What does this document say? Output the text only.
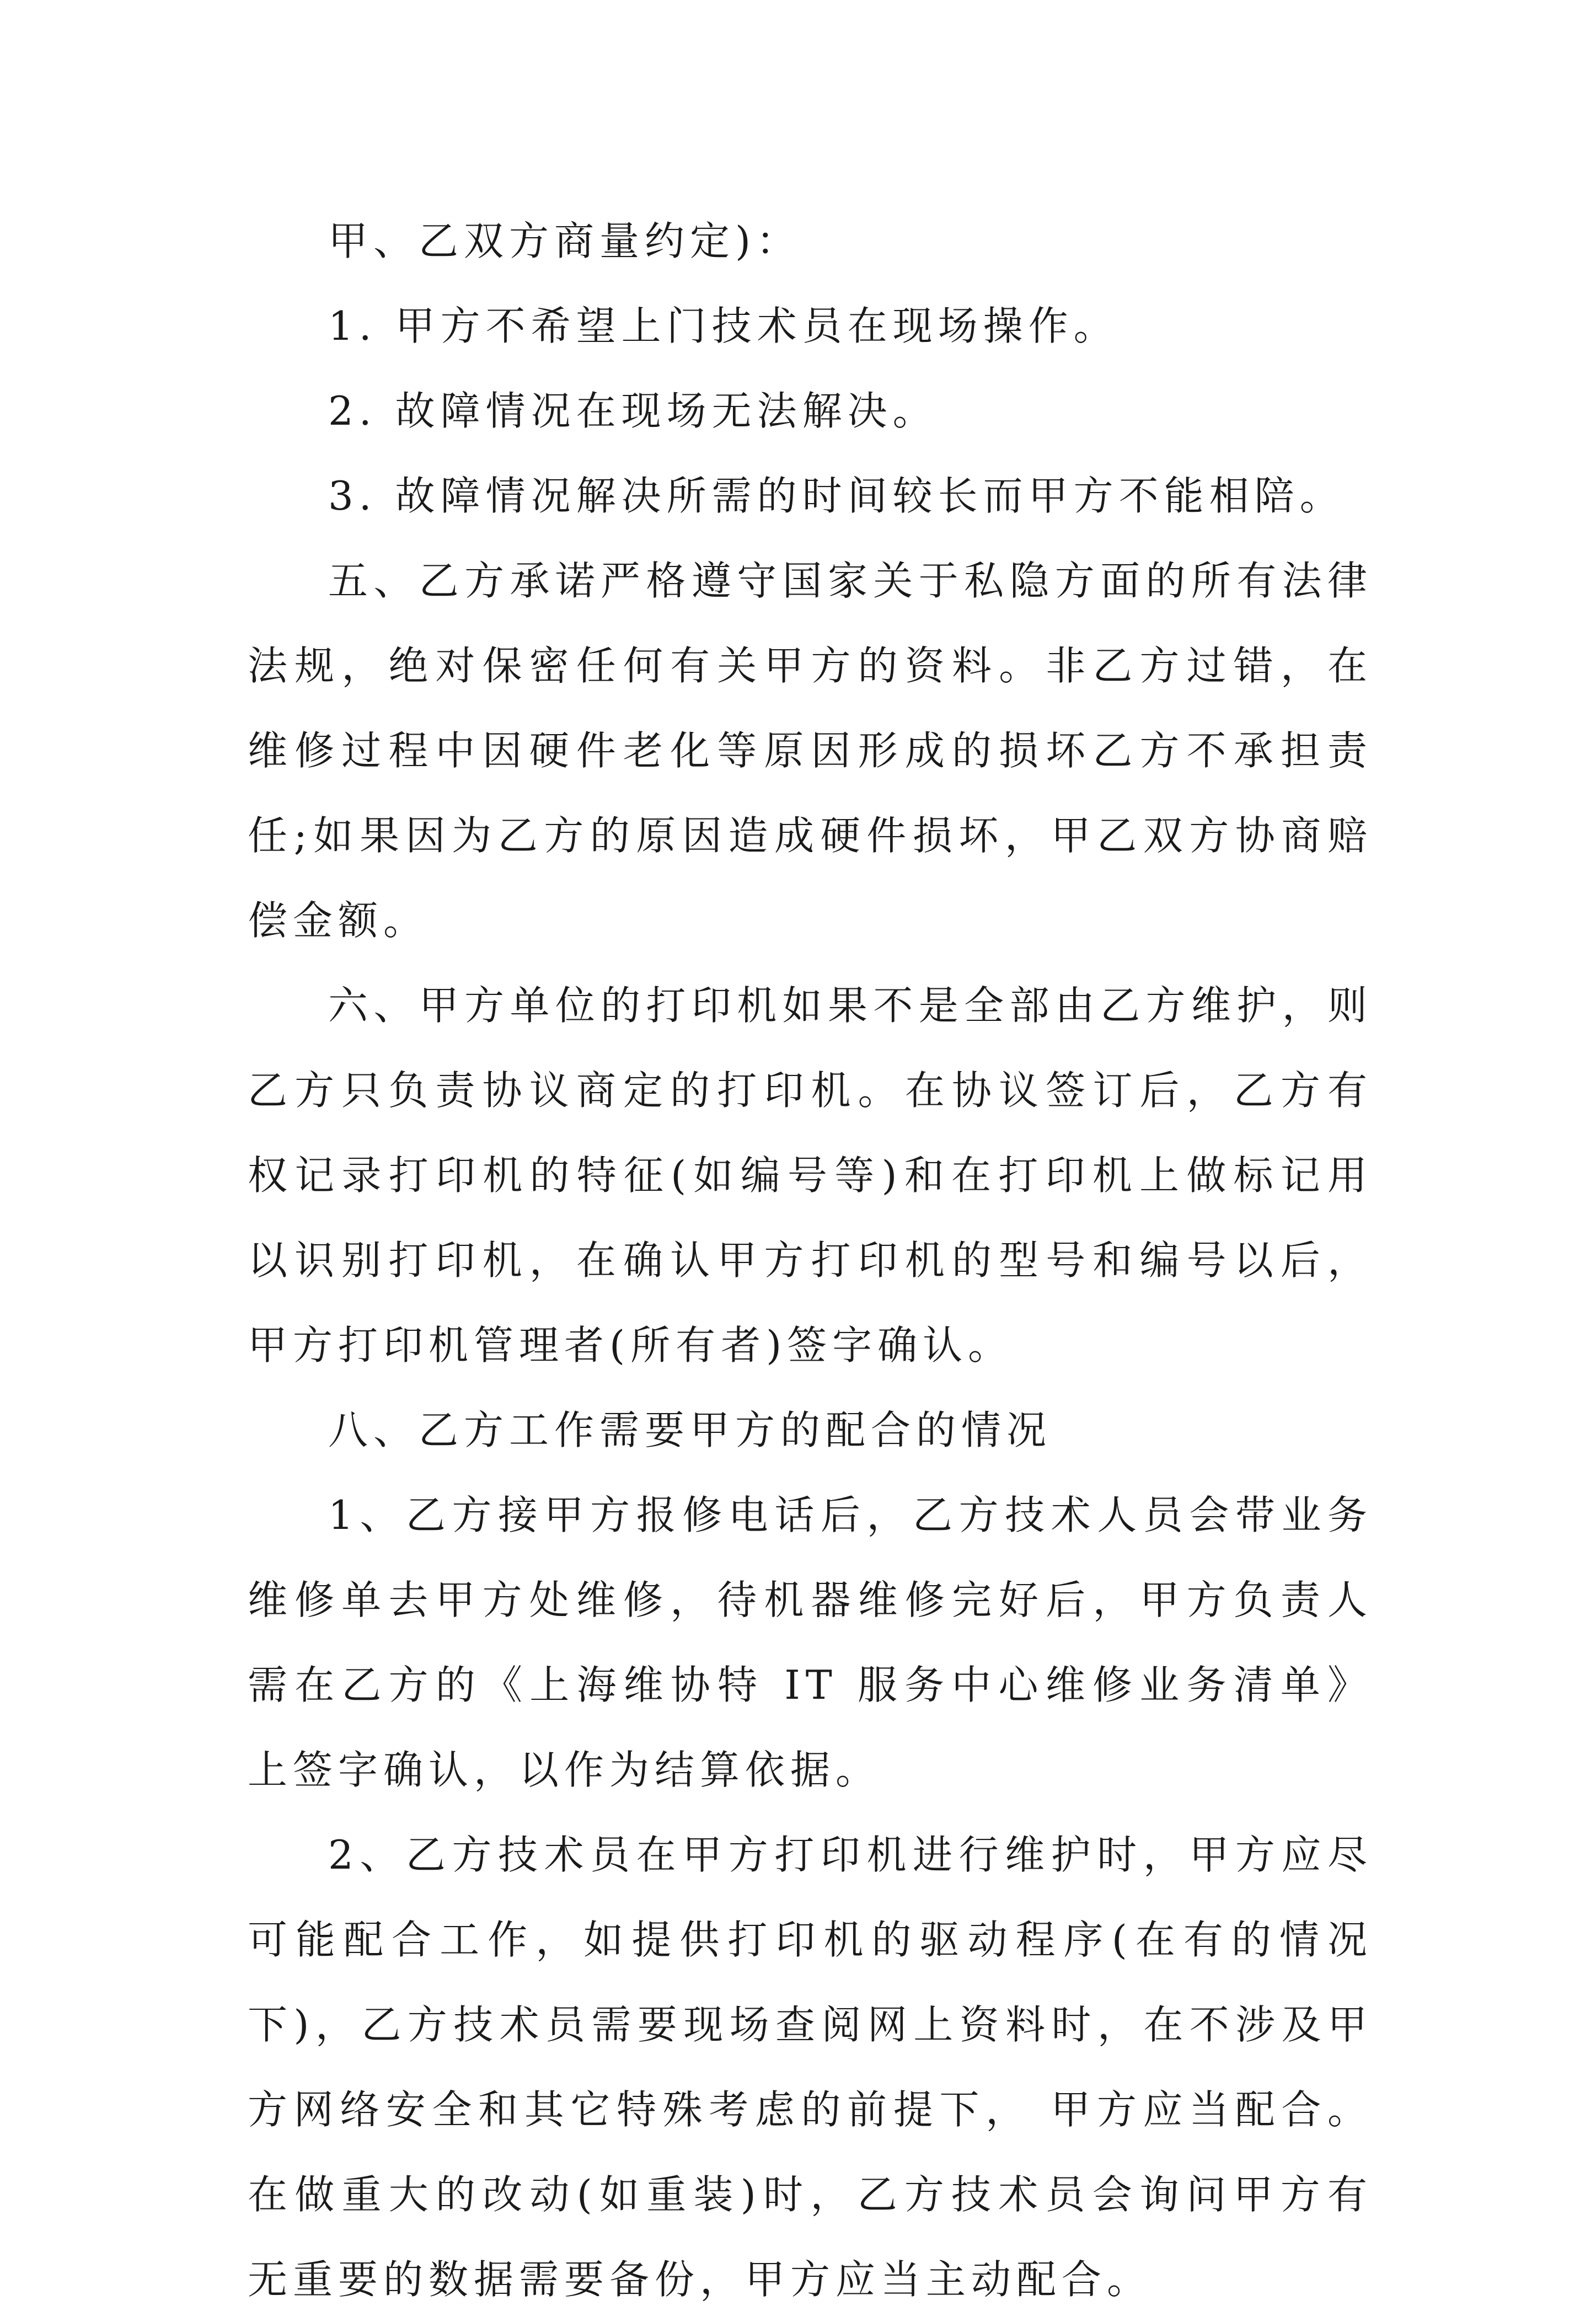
甲、乙双方商量约定)：

1. 甲方不希望上门技术员在现场操作。

2. 故障情况在现场无法解决。

3. 故障情况解决所需的时间较长而甲方不能相陪。

五、乙方承诺严格遵守国家关于私隐方面的所有法律法规，绝对保密任何有关甲方的资料。非乙方过错，在维修过程中因硬件老化等原因形成的损坏乙方不承担责任;如果因为乙方的原因造成硬件损坏，甲乙双方协商赔偿金额。

六、甲方单位的打印机如果不是全部由乙方维护，则乙方只负责协议商定的打印机。在协议签订后，乙方有权记录打印机的特征(如编号等)和在打印机上做标记用以识别打印机，在确认甲方打印机的型号和编号以后，甲方打印机管理者(所有者)签字确认。

八、乙方工作需要甲方的配合的情况

1、乙方接甲方报修电话后，乙方技术人员会带业务维修单去甲方处维修，待机器维修完好后，甲方负责人需在乙方的《上海维协特 IT 服务中心维修业务清单》上签字确认，以作为结算依据。

2、乙方技术员在甲方打印机进行维护时，甲方应尽可能配合工作，如提供打印机的驱动程序(在有的情况下)，乙方技术员需要现场查阅网上资料时，在不涉及甲方网络安全和其它特殊考虑的前提下， 甲方应当配合。在做重大的改动(如重装)时，乙方技术员会询问甲方有无重要的数据需要备份，甲方应当主动配合。
